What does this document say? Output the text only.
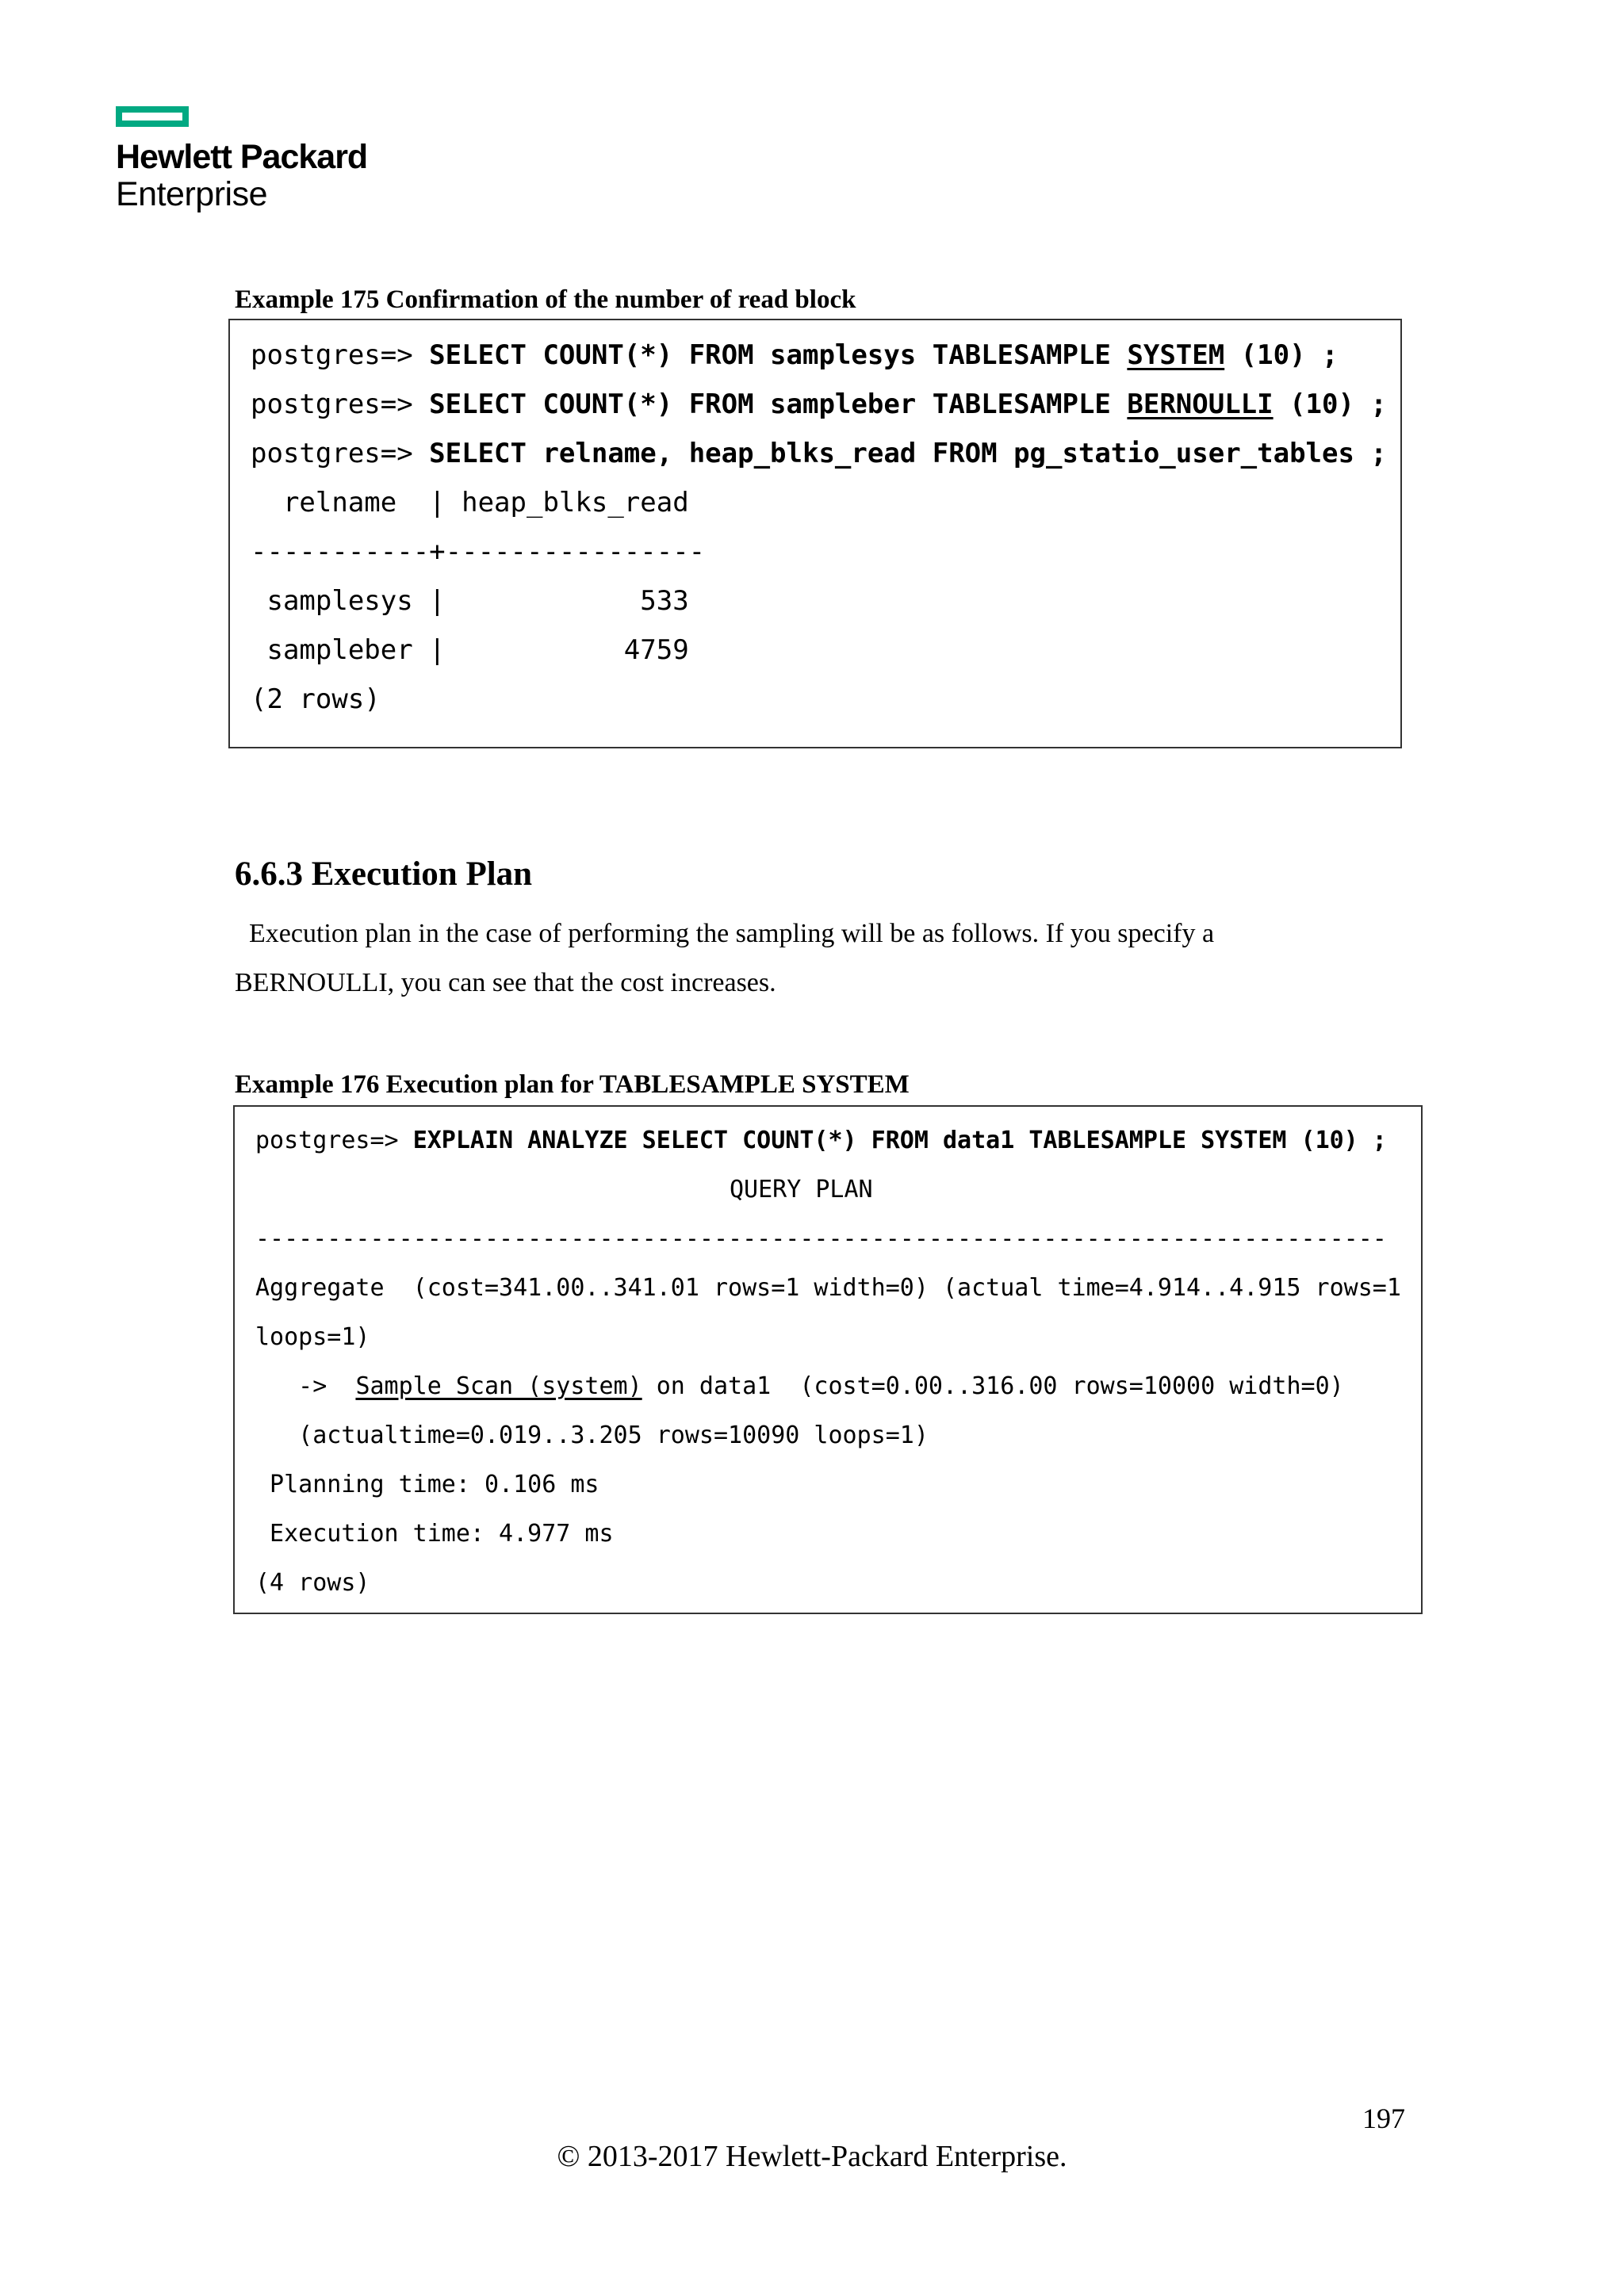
Hewlett Packard
Enterprise
Example 175 Confirmation of the number of read block
postgres=> SELECT COUNT(*) FROM samplesys TABLESAMPLE SYSTEM (10) ;
postgres=> SELECT COUNT(*) FROM sampleber TABLESAMPLE BERNOULLI (10) ;
postgres=> SELECT relname, heap_blks_read FROM pg_statio_user_tables ;
relname  | heap_blks_read
-----------+----------------
samplesys |            533
sampleber |           4759
(2 rows)
6.6.3 Execution Plan
Execution plan in the case of performing the sampling will be as follows. If you specify a
BERNOULLI, you can see that the cost increases.
Example 176 Execution plan for TABLESAMPLE SYSTEM
postgres=> EXPLAIN ANALYZE SELECT COUNT(*) FROM data1 TABLESAMPLE SYSTEM (10) ;
QUERY PLAN
-------------------------------------------------------------------------------
Aggregate  (cost=341.00..341.01 rows=1 width=0) (actual time=4.914..4.915 rows=1
loops=1)
->  Sample Scan (system) on data1  (cost=0.00..316.00 rows=10000 width=0)
(actualtime=0.019..3.205 rows=10090 loops=1)
Planning time: 0.106 ms
Execution time: 4.977 ms
(4 rows)
197
© 2013-2017 Hewlett-Packard Enterprise.
